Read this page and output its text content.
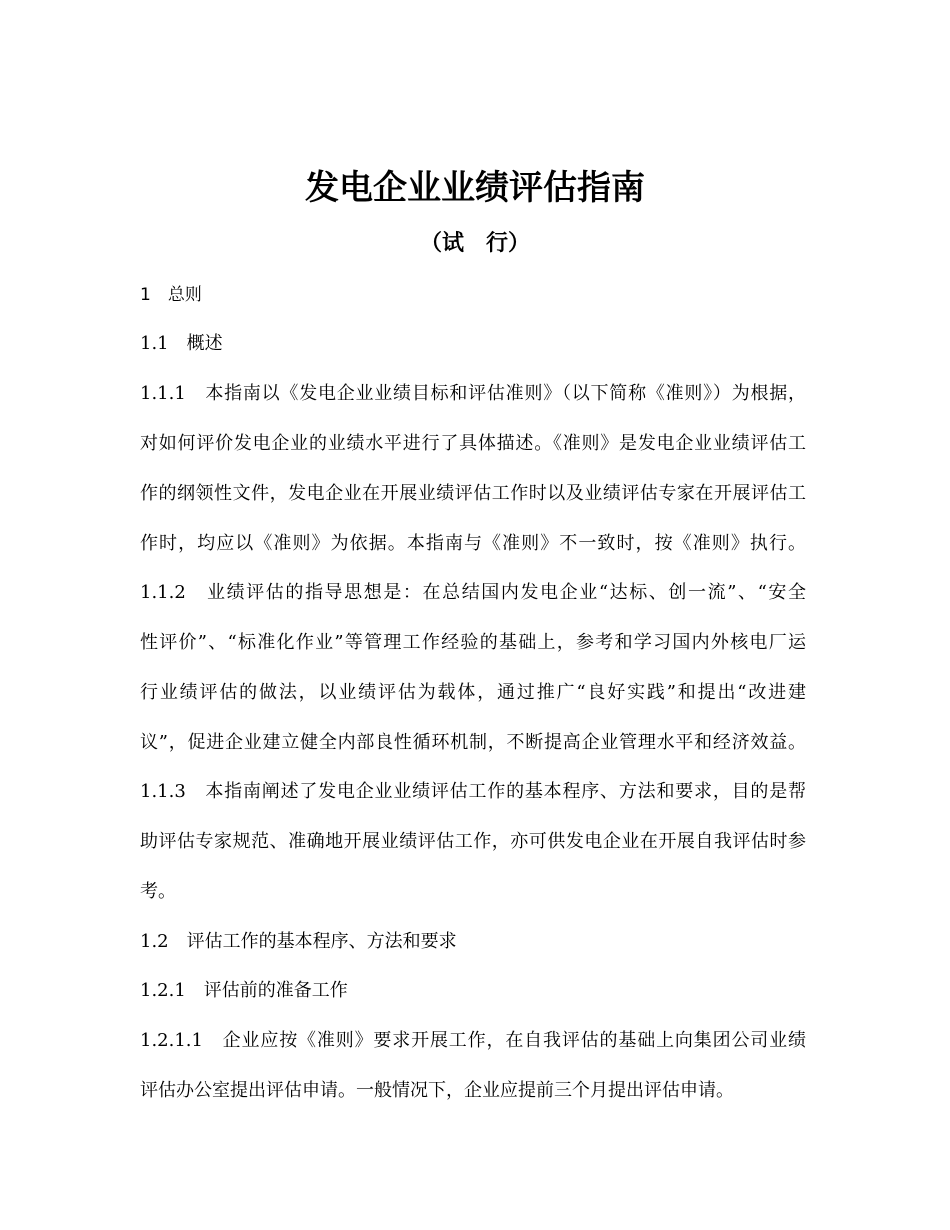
发电企业业绩评估指南
（试　行）

1　总则

1.1　概述

1.1.1　本指南以《发电企业业绩目标和评估准则》（以下简称《准则》）为根据，

对如何评价发电企业的业绩水平进行了具体描述。《准则》是发电企业业绩评估工

作的纲领性文件，发电企业在开展业绩评估工作时以及业绩评估专家在开展评估工

作时，均应以《准则》为依据。本指南与《准则》不一致时，按《准则》执行。

1.1.2　业绩评估的指导思想是：在总结国内发电企业“达标、创一流”、“安全

性评价”、“标准化作业”等管理工作经验的基础上，参考和学习国内外核电厂运

行业绩评估的做法，以业绩评估为载体，通过推广“良好实践”和提出“改进建

议”，促进企业建立健全内部良性循环机制，不断提高企业管理水平和经济效益。

1.1.3　本指南阐述了发电企业业绩评估工作的基本程序、方法和要求，目的是帮

助评估专家规范、准确地开展业绩评估工作，亦可供发电企业在开展自我评估时参

考。

1.2　评估工作的基本程序、方法和要求

1.2.1　评估前的准备工作

1.2.1.1　企业应按《准则》要求开展工作，在自我评估的基础上向集团公司业绩

评估办公室提出评估申请。一般情况下，企业应提前三个月提出评估申请。
